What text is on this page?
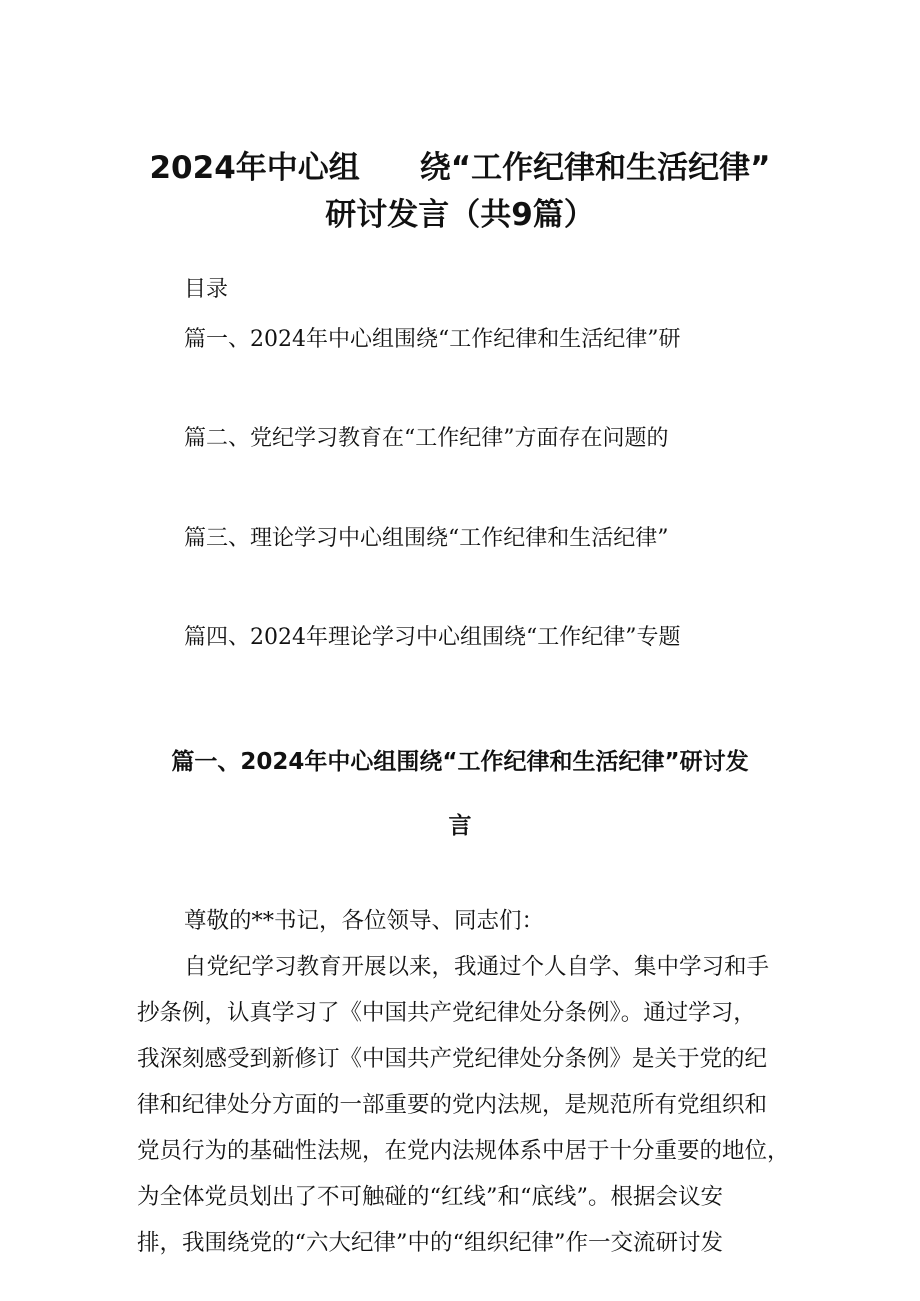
2024年中心组 绕“工作纪律和生活纪律”
研讨发言（共9篇）
目录
篇一、2024年中心组围绕“工作纪律和生活纪律”研
篇二、党纪学习教育在“工作纪律”方面存在问题的
篇三、理论学习中心组围绕“工作纪律和生活纪律”
篇四、2024年理论学习中心组围绕“工作纪律”专题
篇一、2024年中心组围绕“工作纪律和生活纪律”研讨发
言
尊敬的**书记，各位领导、同志们：
自党纪学习教育开展以来，我通过个人自学、集中学习和手
抄条例，认真学习了《中国共产党纪律处分条例》。通过学习，
我深刻感受到新修订《中国共产党纪律处分条例》是关于党的纪
律和纪律处分方面的一部重要的党内法规，是规范所有党组织和
党员行为的基础性法规，在党内法规体系中居于十分重要的地位，
为全体党员划出了不可触碰的“红线”和“底线”。根据会议安
排，我围绕党的“六大纪律”中的“组织纪律”作一交流研讨发
